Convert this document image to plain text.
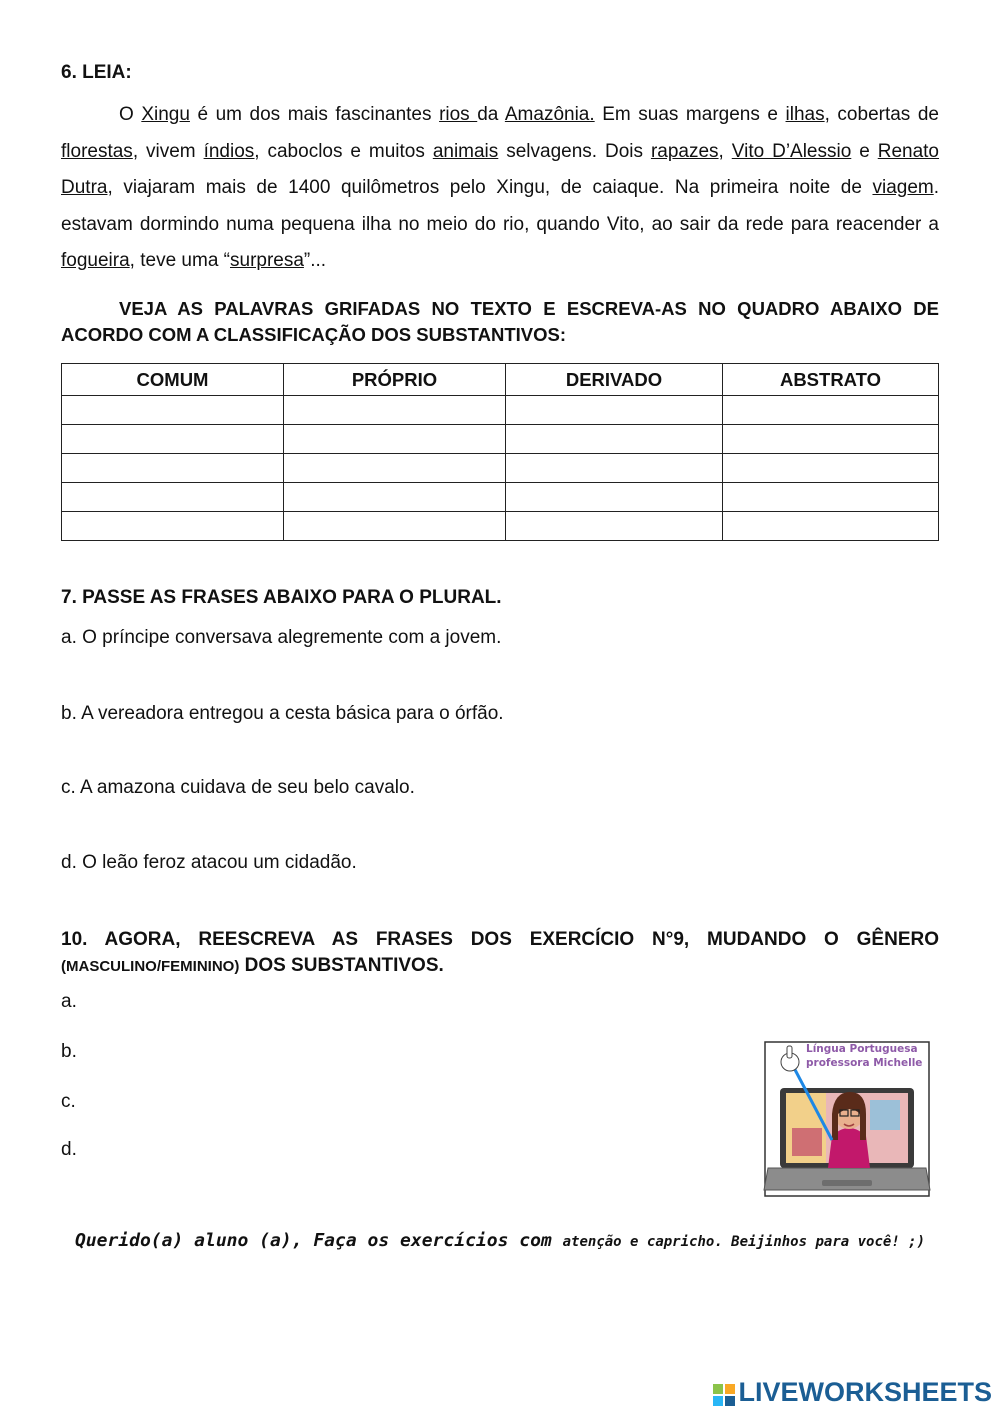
6. LEIA:
O Xingu é um dos mais fascinantes rios da Amazônia. Em suas margens e ilhas, cobertas de florestas, vivem índios, caboclos e muitos animais selvagens. Dois rapazes, Vito D’Alessio e Renato Dutra, viajaram mais de 1400 quilômetros pelo Xingu, de caiaque. Na primeira noite de viagem. estavam dormindo numa pequena ilha no meio do rio, quando Vito, ao sair da rede para reacender a fogueira, teve uma “surpresa”...
VEJA AS PALAVRAS GRIFADAS NO TEXTO E ESCREVA-AS NO QUADRO ABAIXO DE ACORDO COM A CLASSIFICAÇÃO DOS SUBSTANTIVOS:
COMUM	PRÓPRIO	DERIVADO	ABSTRATO

7. PASSE AS FRASES ABAIXO PARA O PLURAL.
a. O príncipe conversava alegremente com a jovem.
b. A vereadora entregou a cesta básica para o órfão.
c. A amazona cuidava de seu belo cavalo.
d. O leão feroz atacou um cidadão.
10. AGORA, REESCREVA AS FRASES DOS EXERCÍCIO N°9, MUDANDO O GÊNERO (MASCULINO/FEMININO) DOS SUBSTANTIVOS.
a.
b.
c.
d.
Língua Portuguesa
professora Michelle
Querido(a) aluno (a), Faça os exercícios com atenção e capricho. Beijinhos para você! ;)
LIVEWORKSHEETS
